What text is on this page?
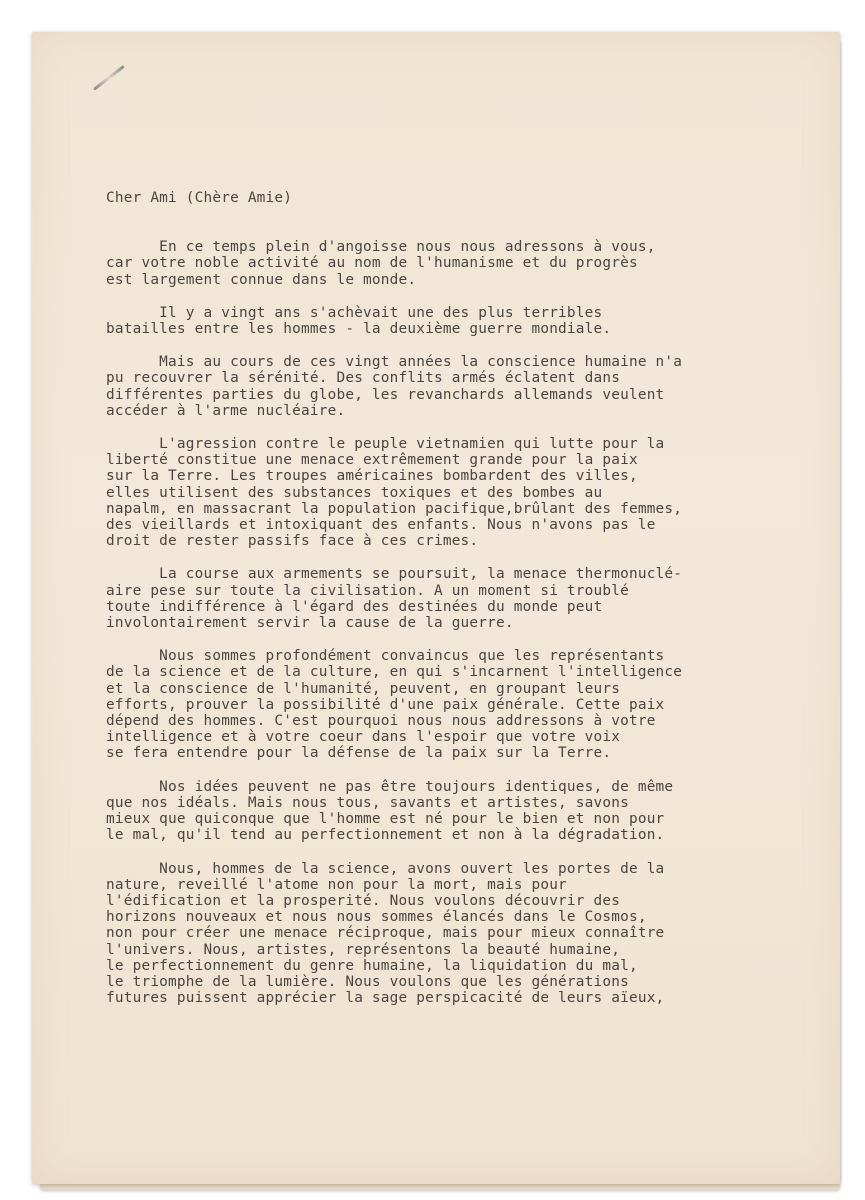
Cher Ami (Chère Amie)
En ce temps plein d'angoisse nous nous adressons à vous,
car votre noble activité au nom de l'humanisme et du progrès
est largement connue dans le monde.
Il y a vingt ans s'achèvait une des plus terribles
batailles entre les hommes - la deuxième guerre mondiale.
Mais au cours de ces vingt années la conscience humaine n'a
pu recouvrer la sérénité. Des conflits armés éclatent dans
différentes parties du globe, les revanchards allemands veulent
accéder à l'arme nucléaire.
L'agression contre le peuple vietnamien qui lutte pour la
liberté constitue une menace extrêmement grande pour la paix
sur la Terre. Les troupes américaines bombardent des villes,
elles utilisent des substances toxiques et des bombes au
napalm, en massacrant la population pacifique,brûlant des femmes,
des vieillards et intoxiquant des enfants. Nous n'avons pas le
droit de rester passifs face à ces crimes.
La course aux armements se poursuit, la menace thermonuclé-
aire pese sur toute la civilisation. A un moment si troublé
toute indifférence à l'égard des destinées du monde peut
involontairement servir la cause de la guerre.
Nous sommes profondément convaincus que les représentants
de la science et de la culture, en qui s'incarnent l'intelligence
et la conscience de l'humanité, peuvent, en groupant leurs
efforts, prouver la possibilité d'une paix générale. Cette paix
dépend des hommes. C'est pourquoi nous nous addressons à votre
intelligence et à votre coeur dans l'espoir que votre voix
se fera entendre pour la défense de la paix sur la Terre.
Nos idées peuvent ne pas être toujours identiques, de même
que nos idéals. Mais nous tous, savants et artistes, savons
mieux que quiconque que l'homme est né pour le bien et non pour
le mal, qu'il tend au perfectionnement et non à la dégradation.
Nous, hommes de la science, avons ouvert les portes de la
nature, reveillé l'atome non pour la mort, mais pour
l'édification et la prosperité. Nous voulons découvrir des
horizons nouveaux et nous nous sommes élancés dans le Cosmos,
non pour créer une menace réciproque, mais pour mieux connaître
l'univers. Nous, artistes, représentons la beauté humaine,
le perfectionnement du genre humaine, la liquidation du mal,
le triomphe de la lumière. Nous voulons que les générations
futures puissent apprécier la sage perspicacité de leurs aïeux,
